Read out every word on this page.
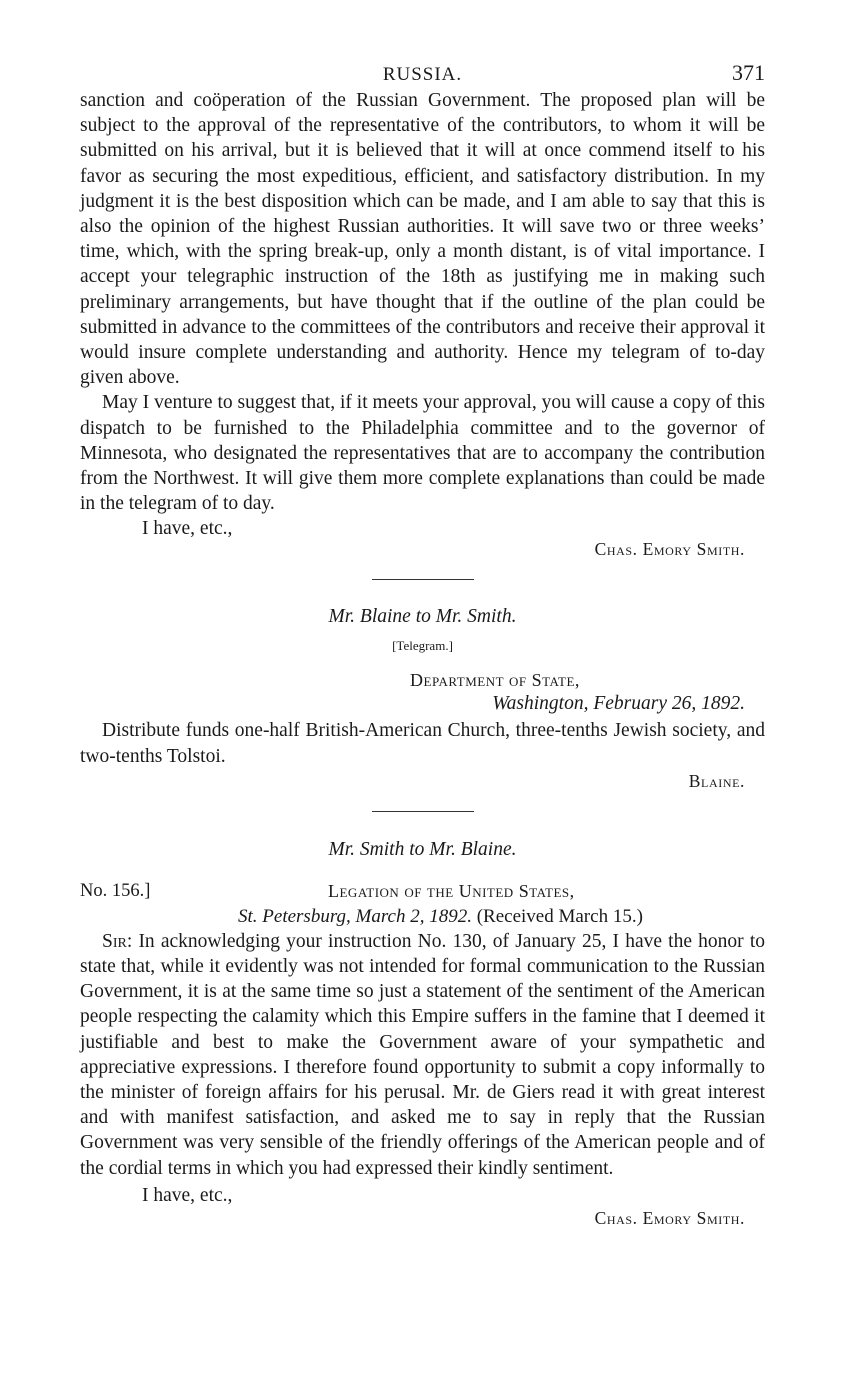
RUSSIA.	371

sanction and coöperation of the Russian Government. The proposed plan will be subject to the approval of the representative of the contributors, to whom it will be submitted on his arrival, but it is believed that it will at once commend itself to his favor as securing the most expeditious, efficient, and satisfactory distribution. In my judgment it is the best disposition which can be made, and I am able to say that this is also the opinion of the highest Russian authorities. It will save two or three weeks’ time, which, with the spring break-up, only a month distant, is of vital importance. I accept your telegraphic instruction of the 18th as justifying me in making such preliminary arrangements, but have thought that if the outline of the plan could be submitted in advance to the committees of the contributors and receive their approval it would insure complete understanding and authority. Hence my telegram of to-day given above.

May I venture to suggest that, if it meets your approval, you will cause a copy of this dispatch to be furnished to the Philadelphia committee and to the governor of Minnesota, who designated the representatives that are to accompany the contribution from the Northwest. It will give them more complete explanations than could be made in the telegram of to day.

I have, etc.,

Chas. Emory Smith.

Mr. Blaine to Mr. Smith.

[Telegram.]

Department of State,

Washington, February 26, 1892.

Distribute funds one-half British-American Church, three-tenths Jewish society, and two-tenths Tolstoi.

Blaine.

Mr. Smith to Mr. Blaine.

No. 156.]	Legation of the United States,

St. Petersburg, March 2, 1892. (Received March 15.)

Sir: In acknowledging your instruction No. 130, of January 25, I have the honor to state that, while it evidently was not intended for formal communication to the Russian Government, it is at the same time so just a statement of the sentiment of the American people respecting the calamity which this Empire suffers in the famine that I deemed it justifiable and best to make the Government aware of your sympathetic and appreciative expressions. I therefore found opportunity to submit a copy informally to the minister of foreign affairs for his perusal. Mr. de Giers read it with great interest and with manifest satisfaction, and asked me to say in reply that the Russian Government was very sensible of the friendly offerings of the American people and of the cordial terms in which you had expressed their kindly sentiment.

I have, etc.,

Chas. Emory Smith.
